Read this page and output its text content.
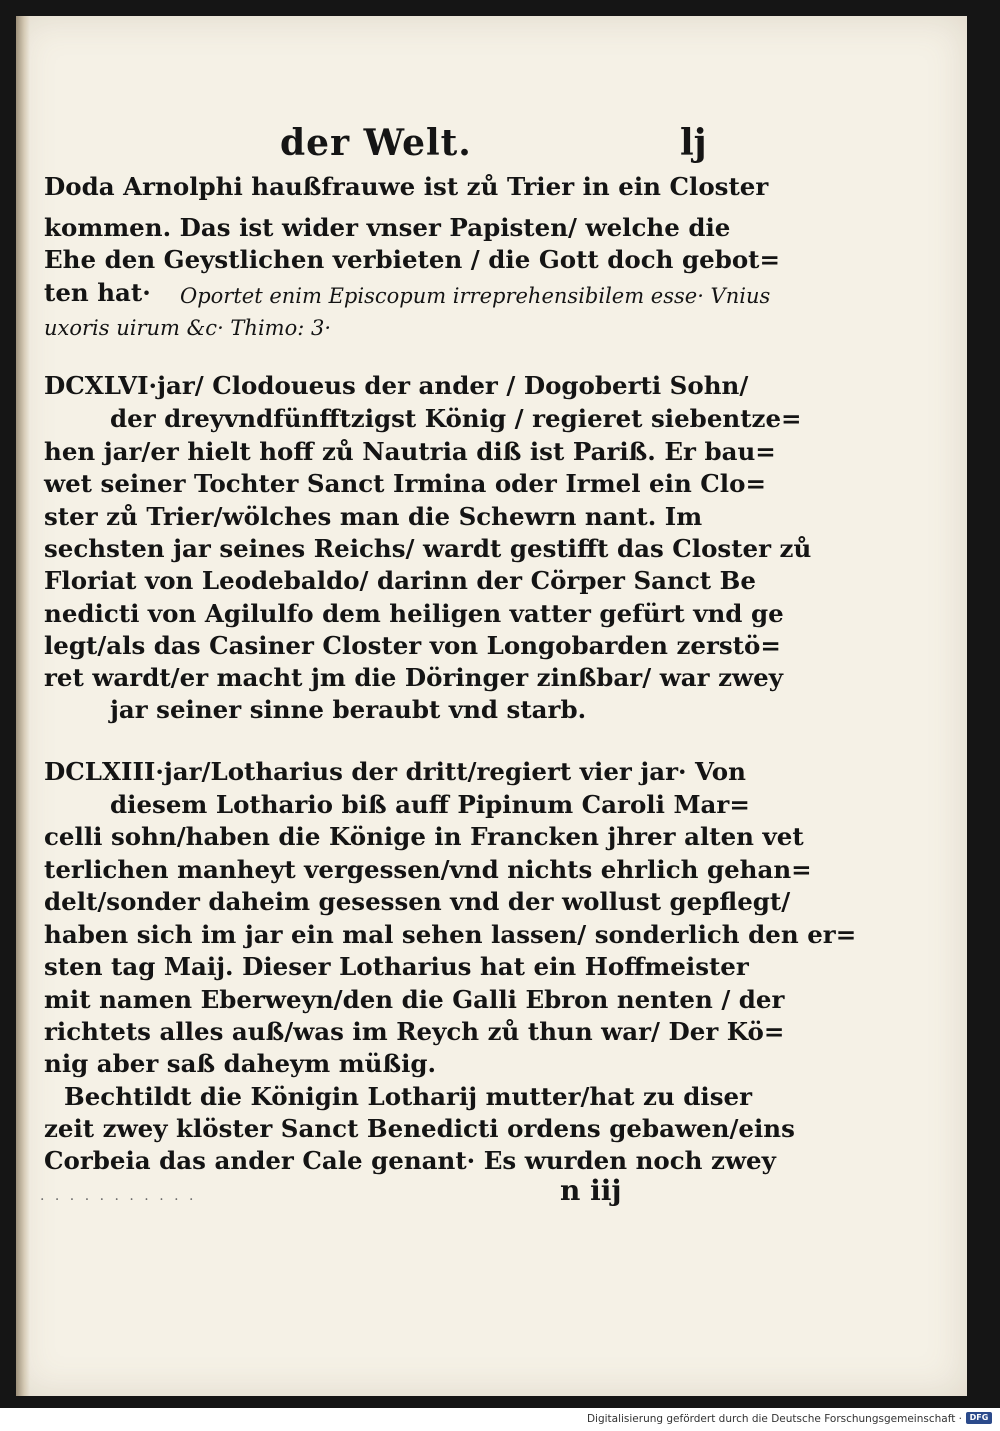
der Welt.	lj
Doda Arnolphi haußfrauwe ist zů Trier in ein Closter
kommen. Das ist wider vnser Papisten/ welche die
Ehe den Geystlichen verbieten / die Gott doch gebot=
ten hat· Oportet enim Episcopum irreprehensibilem esse· Vnius
uxoris uirum &c· Thimo: 3·
DCXLVI·jar/ Clodoueus der ander / Dogoberti Sohn/
der dreyvndfünfftzigst König / regieret siebentze=
hen jar/er hielt hoff zů Nautria diß ist Pariß. Er bau=
wet seiner Tochter Sanct Irmina oder Irmel ein Clo=
ster zů Trier/wölches man die Schewrn nant. Im
sechsten jar seines Reichs/ wardt gestifft das Closter zů
Floriat von Leodebaldo/ darinn der Cörper Sanct Be
nedicti von Agilulfo dem heiligen vatter gefürt vnd ge
legt/als das Casiner Closter von Longobarden zerstö=
ret wardt/er macht jm die Döringer zinßbar/ war zwey
jar seiner sinne beraubt vnd starb.
DCLXIII·jar/Lotharius der dritt/regiert vier jar· Von
diesem Lothario biß auff Pipinum Caroli Mar=
celli sohn/haben die Könige in Francken jhrer alten vet
terlichen manheyt vergessen/vnd nichts ehrlich gehan=
delt/sonder daheim gesessen vnd der wollust gepflegt/
haben sich im jar ein mal sehen lassen/ sonderlich den er=
sten tag Maij. Dieser Lotharius hat ein Hoffmeister
mit namen Eberweyn/den die Galli Ebron nenten / der
richtets alles auß/was im Reych zů thun war/ Der Kö=
nig aber saß daheym müßig.
Bechtildt die Königin Lotharij mutter/hat zu diser
zeit zwey klöster Sanct Benedicti ordens gebawen/eins
Corbeia das ander Cale genant· Es wurden noch zwey
· · · · · · · · · · ·	n iij
Digitalisierung gefördert durch die Deutsche Forschungsgemeinschaft · DFG
